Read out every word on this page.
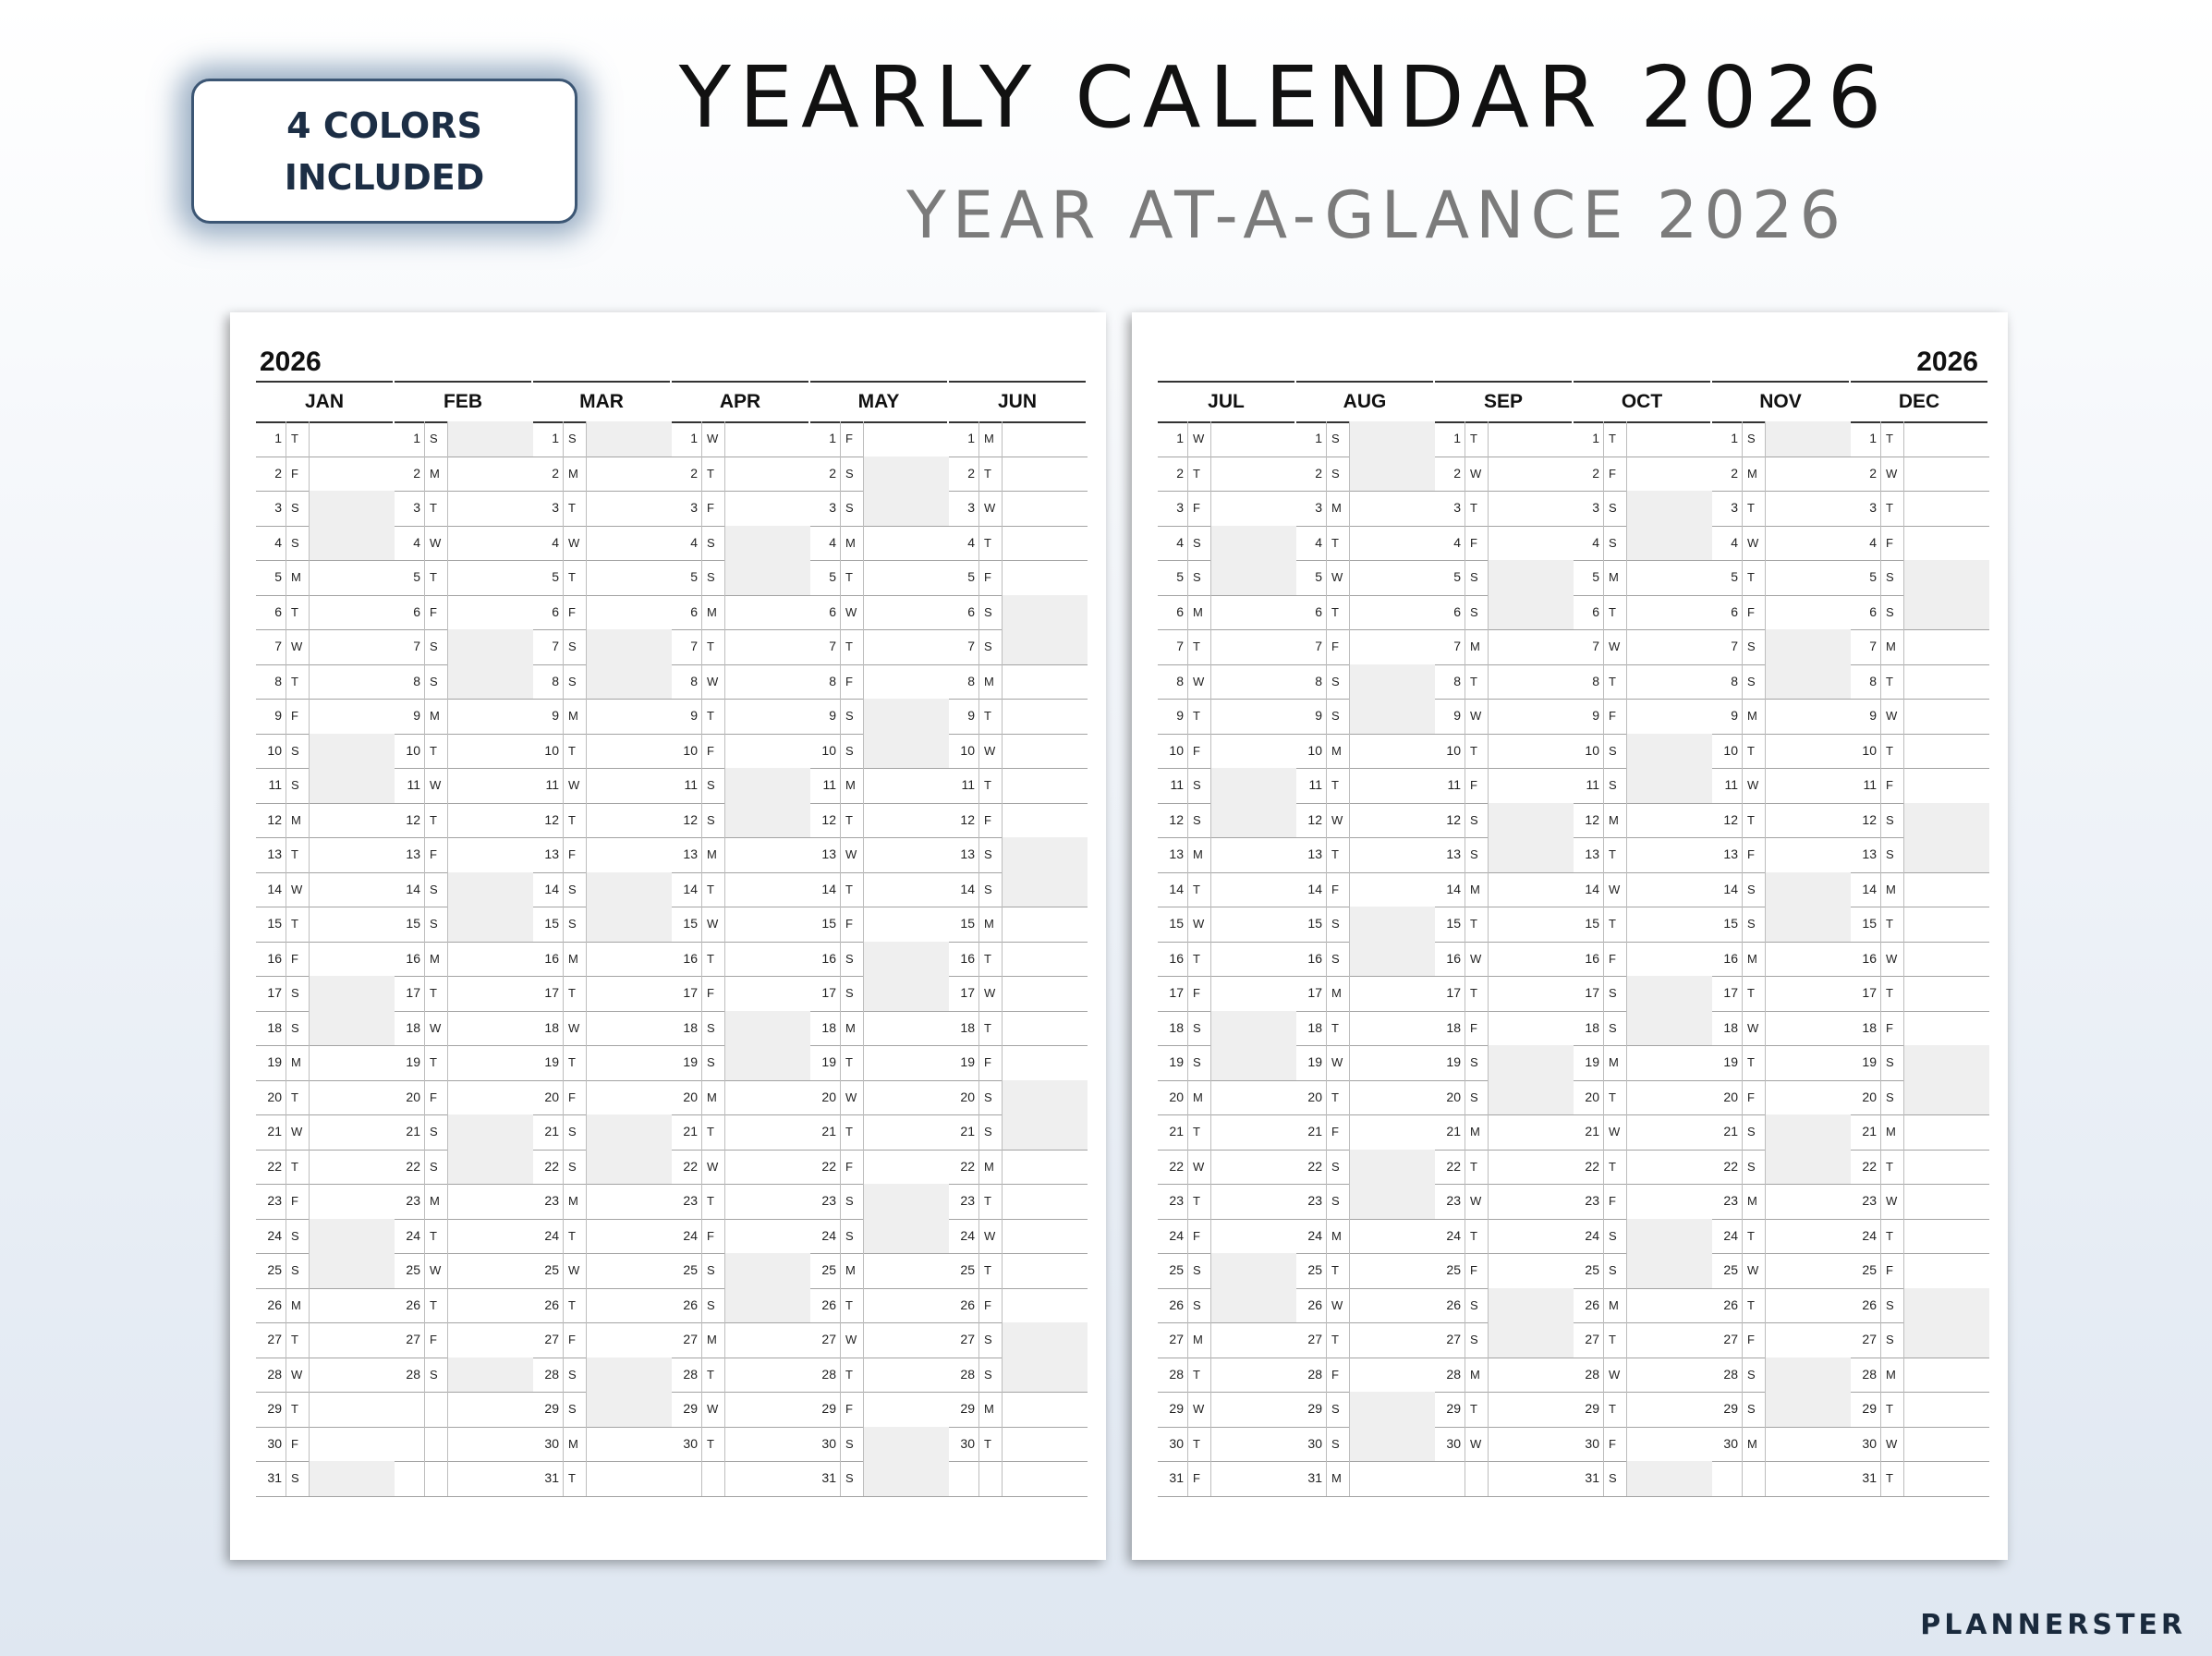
4 COLORS
INCLUDED
YEARLY CALENDAR 2026
YEAR AT-A-GLANCE 2026
2026
JAN
1 T
2 F
3 S
4 S
5 M
6 T
7 W
8 T
9 F
10 S
11 S
12 M
13 T
14 W
15 T
16 F
17 S
18 S
19 M
20 T
21 W
22 T
23 F
24 S
25 S
26 M
27 T
28 W
29 T
30 F
31 S
FEB
1 S
2 M
3 T
4 W
5 T
6 F
7 S
8 S
9 M
10 T
11 W
12 T
13 F
14 S
15 S
16 M
17 T
18 W
19 T
20 F
21 S
22 S
23 M
24 T
25 W
26 T
27 F
28 S
MAR
1 S
2 M
3 T
4 W
5 T
6 F
7 S
8 S
9 M
10 T
11 W
12 T
13 F
14 S
15 S
16 M
17 T
18 W
19 T
20 F
21 S
22 S
23 M
24 T
25 W
26 T
27 F
28 S
29 S
30 M
31 T
APR
1 W
2 T
3 F
4 S
5 S
6 M
7 T
8 W
9 T
10 F
11 S
12 S
13 M
14 T
15 W
16 T
17 F
18 S
19 S
20 M
21 T
22 W
23 T
24 F
25 S
26 S
27 M
28 T
29 W
30 T
MAY
1 F
2 S
3 S
4 M
5 T
6 W
7 T
8 F
9 S
10 S
11 M
12 T
13 W
14 T
15 F
16 S
17 S
18 M
19 T
20 W
21 T
22 F
23 S
24 S
25 M
26 T
27 W
28 T
29 F
30 S
31 S
JUN
1 M
2 T
3 W
4 T
5 F
6 S
7 S
8 M
9 T
10 W
11 T
12 F
13 S
14 S
15 M
16 T
17 W
18 T
19 F
20 S
21 S
22 M
23 T
24 W
25 T
26 F
27 S
28 S
29 M
30 T
2026
JUL
1 W
2 T
3 F
4 S
5 S
6 M
7 T
8 W
9 T
10 F
11 S
12 S
13 M
14 T
15 W
16 T
17 F
18 S
19 S
20 M
21 T
22 W
23 T
24 F
25 S
26 S
27 M
28 T
29 W
30 T
31 F
AUG
1 S
2 S
3 M
4 T
5 W
6 T
7 F
8 S
9 S
10 M
11 T
12 W
13 T
14 F
15 S
16 S
17 M
18 T
19 W
20 T
21 F
22 S
23 S
24 M
25 T
26 W
27 T
28 F
29 S
30 S
31 M
SEP
1 T
2 W
3 T
4 F
5 S
6 S
7 M
8 T
9 W
10 T
11 F
12 S
13 S
14 M
15 T
16 W
17 T
18 F
19 S
20 S
21 M
22 T
23 W
24 T
25 F
26 S
27 S
28 M
29 T
30 W
OCT
1 T
2 F
3 S
4 S
5 M
6 T
7 W
8 T
9 F
10 S
11 S
12 M
13 T
14 W
15 T
16 F
17 S
18 S
19 M
20 T
21 W
22 T
23 F
24 S
25 S
26 M
27 T
28 W
29 T
30 F
31 S
NOV
1 S
2 M
3 T
4 W
5 T
6 F
7 S
8 S
9 M
10 T
11 W
12 T
13 F
14 S
15 S
16 M
17 T
18 W
19 T
20 F
21 S
22 S
23 M
24 T
25 W
26 T
27 F
28 S
29 S
30 M
DEC
1 T
2 W
3 T
4 F
5 S
6 S
7 M
8 T
9 W
10 T
11 F
12 S
13 S
14 M
15 T
16 W
17 T
18 F
19 S
20 S
21 M
22 T
23 W
24 T
25 F
26 S
27 S
28 M
29 T
30 W
31 T
PLANNERSTER
